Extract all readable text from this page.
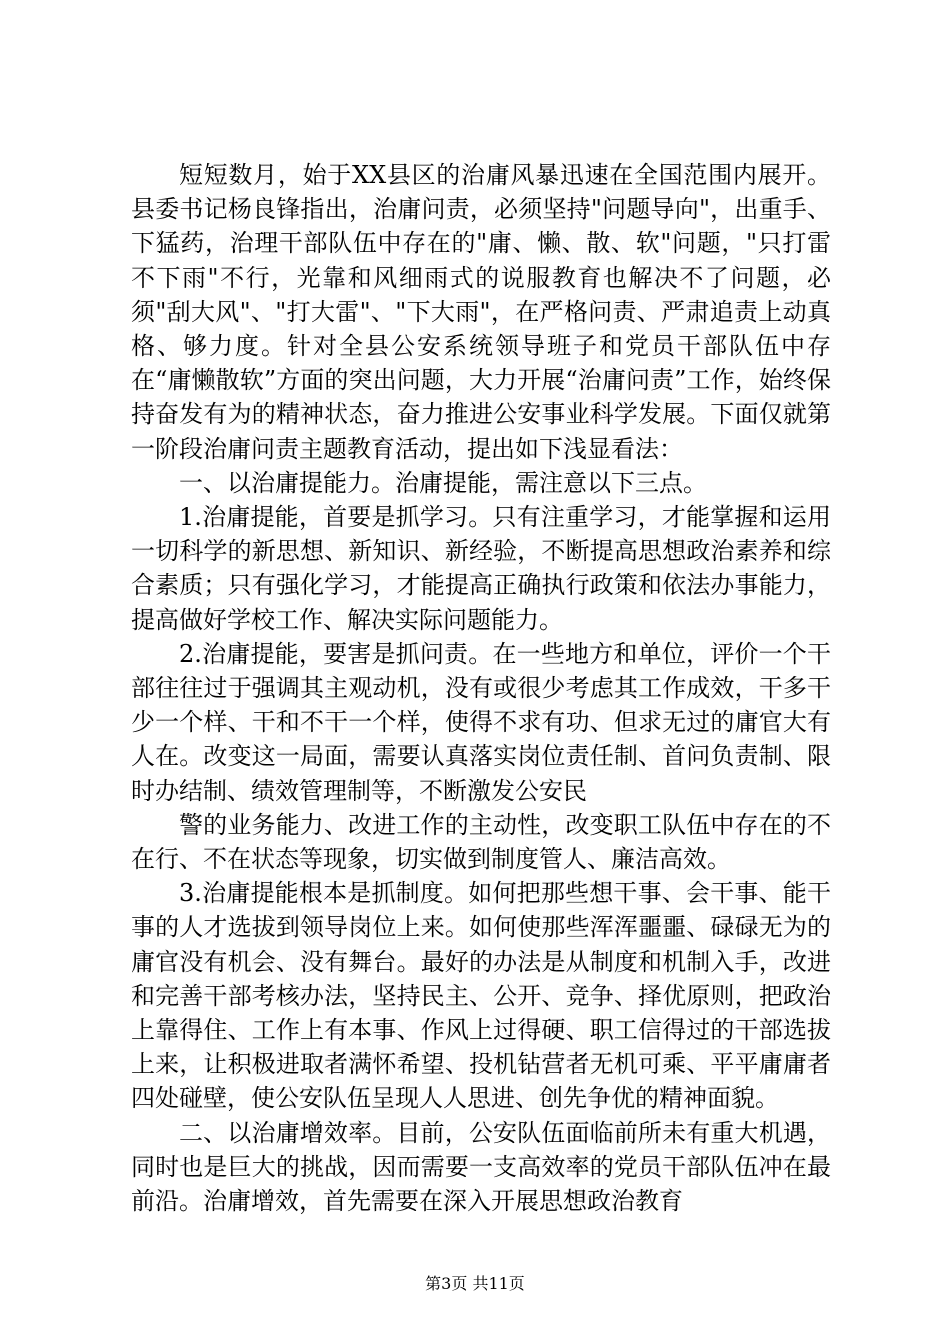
短短数月，始于XX县区的治庸风暴迅速在全国范围内展开。县委书记杨良锋指出，治庸问责，必须坚持"问题导向"，出重手、下猛药，治理干部队伍中存在的"庸、懒、散、软"问题，"只打雷不下雨"不行，光靠和风细雨式的说服教育也解决不了问题，必须"刮大风"、"打大雷"、"下大雨"，在严格问责、严肃追责上动真格、够力度。针对全县公安系统领导班子和党员干部队伍中存在“庸懒散软”方面的突出问题，大力开展“治庸问责”工作，始终保持奋发有为的精神状态，奋力推进公安事业科学发展。下面仅就第一阶段治庸问责主题教育活动，提出如下浅显看法：

一、以治庸提能力。治庸提能，需注意以下三点。

1.治庸提能，首要是抓学习。只有注重学习，才能掌握和运用一切科学的新思想、新知识、新经验，不断提高思想政治素养和综合素质；只有强化学习，才能提高正确执行政策和依法办事能力，提高做好学校工作、解决实际问题能力。

2.治庸提能，要害是抓问责。在一些地方和单位，评价一个干部往往过于强调其主观动机，没有或很少考虑其工作成效，干多干少一个样、干和不干一个样，使得不求有功、但求无过的庸官大有人在。改变这一局面，需要认真落实岗位责任制、首问负责制、限时办结制、绩效管理制等，不断激发公安民

警的业务能力、改进工作的主动性，改变职工队伍中存在的不在行、不在状态等现象，切实做到制度管人、廉洁高效。

3.治庸提能根本是抓制度。如何把那些想干事、会干事、能干事的人才选拔到领导岗位上来。如何使那些浑浑噩噩、碌碌无为的庸官没有机会、没有舞台。最好的办法是从制度和机制入手，改进和完善干部考核办法，坚持民主、公开、竞争、择优原则，把政治上靠得住、工作上有本事、作风上过得硬、职工信得过的干部选拔上来，让积极进取者满怀希望、投机钻营者无机可乘、平平庸庸者四处碰壁，使公安队伍呈现人人思进、创先争优的精神面貌。

二、以治庸增效率。目前，公安队伍面临前所未有重大机遇，同时也是巨大的挑战，因而需要一支高效率的党员干部队伍冲在最前沿。治庸增效，首先需要在深入开展思想政治教育

第3页 共11页
